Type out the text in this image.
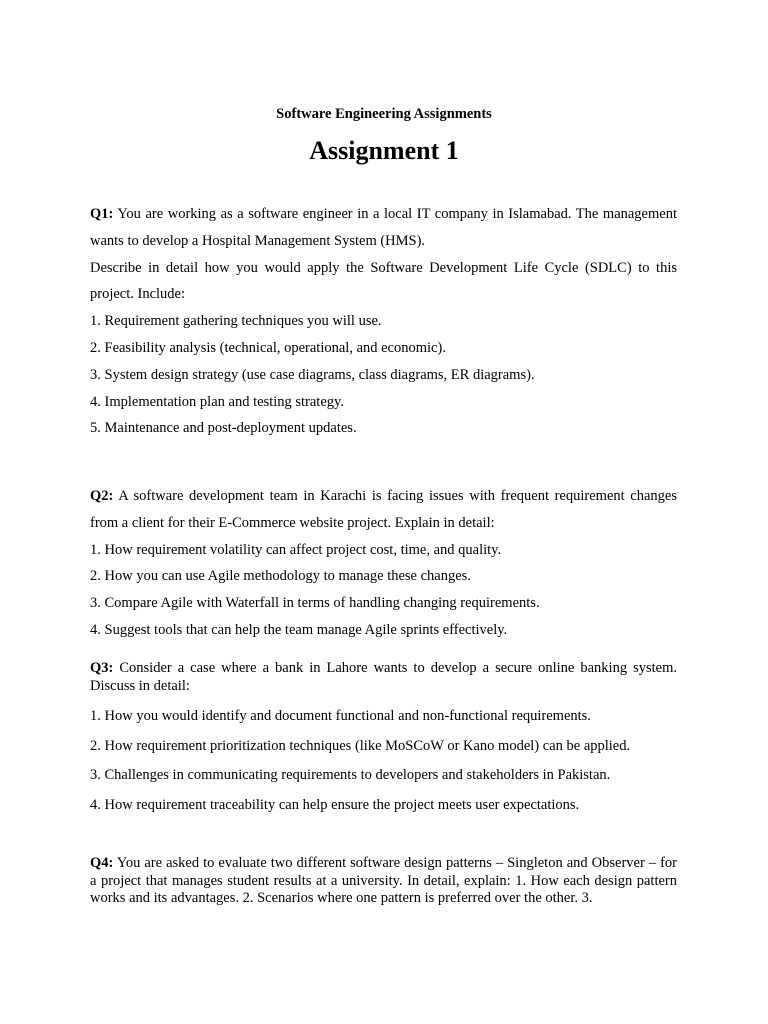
Software Engineering Assignments
Assignment 1

Q1: You are working as a software engineer in a local IT company in Islamabad. The management wants to develop a Hospital Management System (HMS).

Describe in detail how you would apply the Software Development Life Cycle (SDLC) to this project. Include:

1. Requirement gathering techniques you will use.

2. Feasibility analysis (technical, operational, and economic).

3. System design strategy (use case diagrams, class diagrams, ER diagrams).

4. Implementation plan and testing strategy.

5. Maintenance and post-deployment updates.

Q2: A software development team in Karachi is facing issues with frequent requirement changes from a client for their E-Commerce website project. Explain in detail:

1. How requirement volatility can affect project cost, time, and quality.

2. How you can use Agile methodology to manage these changes.

3. Compare Agile with Waterfall in terms of handling changing requirements.

4. Suggest tools that can help the team manage Agile sprints effectively.

Q3: Consider a case where a bank in Lahore wants to develop a secure online banking system. Discuss in detail:

1. How you would identify and document functional and non-functional requirements.

2. How requirement prioritization techniques (like MoSCoW or Kano model) can be applied.

3. Challenges in communicating requirements to developers and stakeholders in Pakistan.

4. How requirement traceability can help ensure the project meets user expectations.

Q4: You are asked to evaluate two different software design patterns – Singleton and Observer – for a project that manages student results at a university. In detail, explain: 1. How each design pattern works and its advantages. 2. Scenarios where one pattern is preferred over the other. 3.
